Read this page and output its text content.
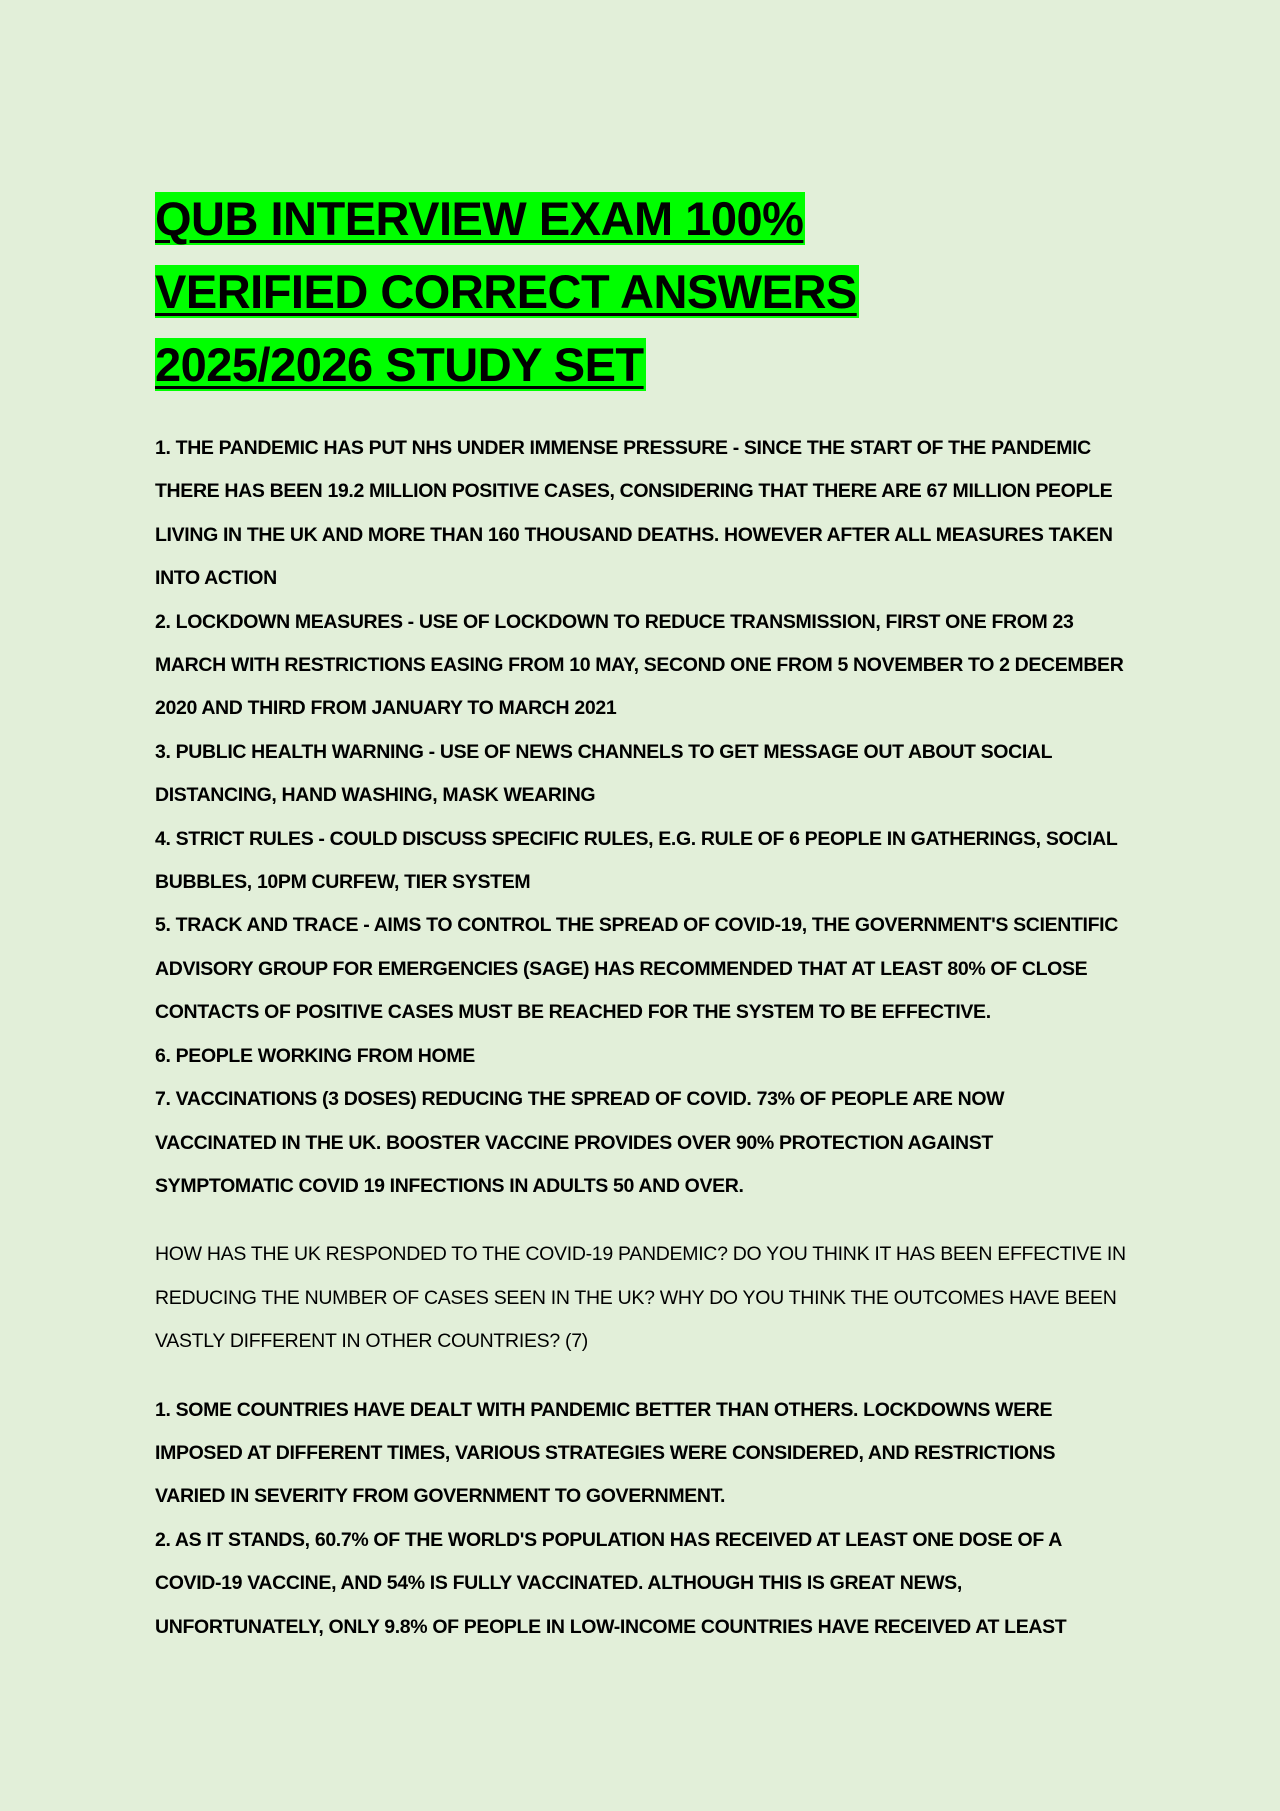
QUB INTERVIEW EXAM 100%
VERIFIED CORRECT ANSWERS
2025/2026 STUDY SET
1. THE PANDEMIC HAS PUT NHS UNDER IMMENSE PRESSURE - SINCE THE START OF THE PANDEMIC THERE HAS BEEN 19.2 MILLION POSITIVE CASES, CONSIDERING THAT THERE ARE 67 MILLION PEOPLE LIVING IN THE UK AND MORE THAN 160 THOUSAND DEATHS. HOWEVER AFTER ALL MEASURES TAKEN INTO ACTION
2. LOCKDOWN MEASURES - USE OF LOCKDOWN TO REDUCE TRANSMISSION, FIRST ONE FROM 23 MARCH WITH RESTRICTIONS EASING FROM 10 MAY, SECOND ONE FROM 5 NOVEMBER TO 2 DECEMBER 2020 AND THIRD FROM JANUARY TO MARCH 2021
3. PUBLIC HEALTH WARNING - USE OF NEWS CHANNELS TO GET MESSAGE OUT ABOUT SOCIAL DISTANCING, HAND WASHING, MASK WEARING
4. STRICT RULES - COULD DISCUSS SPECIFIC RULES, E.G. RULE OF 6 PEOPLE IN GATHERINGS, SOCIAL BUBBLES, 10PM CURFEW, TIER SYSTEM
5. TRACK AND TRACE - AIMS TO CONTROL THE SPREAD OF COVID-19, THE GOVERNMENT'S SCIENTIFIC ADVISORY GROUP FOR EMERGENCIES (SAGE) HAS RECOMMENDED THAT AT LEAST 80% OF CLOSE CONTACTS OF POSITIVE CASES MUST BE REACHED FOR THE SYSTEM TO BE EFFECTIVE.
6. PEOPLE WORKING FROM HOME
7. VACCINATIONS (3 DOSES) REDUCING THE SPREAD OF COVID. 73% OF PEOPLE ARE NOW VACCINATED IN THE UK. BOOSTER VACCINE PROVIDES OVER 90% PROTECTION AGAINST SYMPTOMATIC COVID 19 INFECTIONS IN ADULTS 50 AND OVER.

HOW HAS THE UK RESPONDED TO THE COVID-19 PANDEMIC? DO YOU THINK IT HAS BEEN EFFECTIVE IN REDUCING THE NUMBER OF CASES SEEN IN THE UK? WHY DO YOU THINK THE OUTCOMES HAVE BEEN VASTLY DIFFERENT IN OTHER COUNTRIES? (7)

1. SOME COUNTRIES HAVE DEALT WITH PANDEMIC BETTER THAN OTHERS. LOCKDOWNS WERE IMPOSED AT DIFFERENT TIMES, VARIOUS STRATEGIES WERE CONSIDERED, AND RESTRICTIONS VARIED IN SEVERITY FROM GOVERNMENT TO GOVERNMENT.
2. AS IT STANDS, 60.7% OF THE WORLD'S POPULATION HAS RECEIVED AT LEAST ONE DOSE OF A COVID-19 VACCINE, AND 54% IS FULLY VACCINATED. ALTHOUGH THIS IS GREAT NEWS, UNFORTUNATELY, ONLY 9.8% OF PEOPLE IN LOW-INCOME COUNTRIES HAVE RECEIVED AT LEAST
